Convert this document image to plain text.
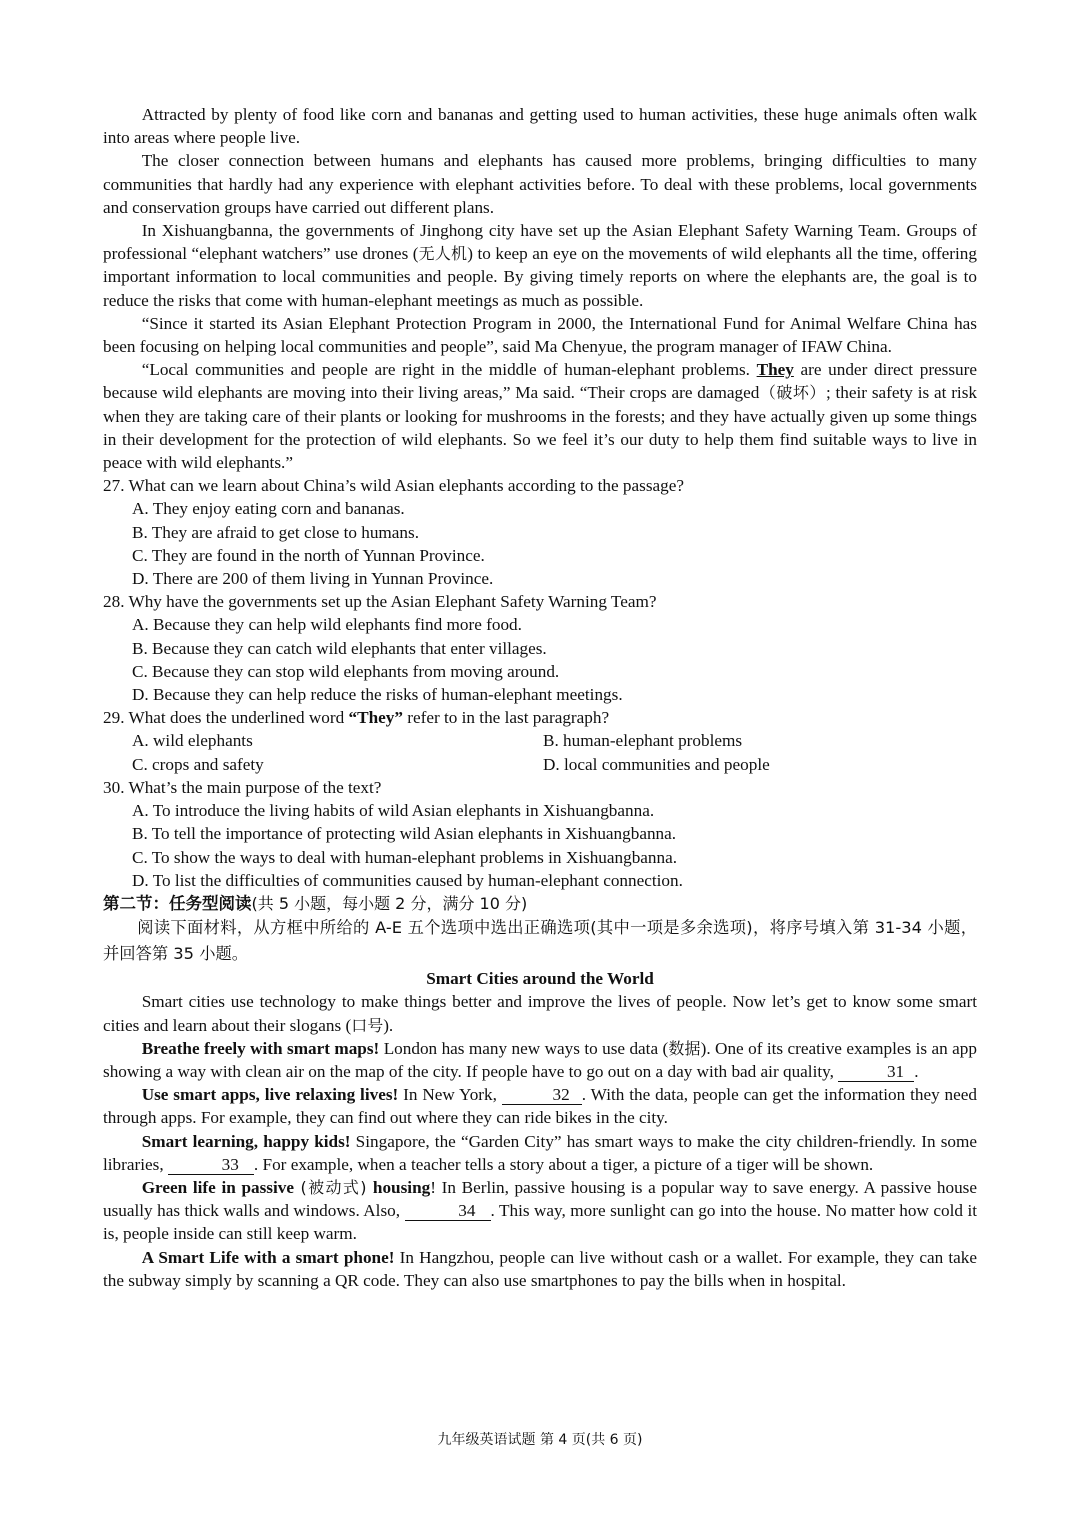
Attracted by plenty of food like corn and bananas and getting used to human activities, these huge animals often walk into areas where people live.

The closer connection between humans and elephants has caused more problems, bringing difficulties to many communities that hardly had any experience with elephant activities before. To deal with these problems, local governments and conservation groups have carried out different plans.

In Xishuangbanna, the governments of Jinghong city have set up the Asian Elephant Safety Warning Team. Groups of professional “elephant watchers” use drones (无人机) to keep an eye on the movements of wild elephants all the time, offering important information to local communities and people. By giving timely reports on where the elephants are, the goal is to reduce the risks that come with human-elephant meetings as much as possible.

“Since it started its Asian Elephant Protection Program in 2000, the International Fund for Animal Welfare China has been focusing on helping local communities and people”, said Ma Chenyue, the program manager of IFAW China.

“Local communities and people are right in the middle of human-elephant problems. They are under direct pressure because wild elephants are moving into their living areas,” Ma said. “Their crops are damaged（破坏）; their safety is at risk when they are taking care of their plants or looking for mushrooms in the forests; and they have actually given up some things in their development for the protection of wild elephants. So we feel it’s our duty to help them find suitable ways to live in peace with wild elephants.”

27. What can we learn about China’s wild Asian elephants according to the passage?

A. They enjoy eating corn and bananas.

B. They are afraid to get close to humans.

C. They are found in the north of Yunnan Province.

D. There are 200 of them living in Yunnan Province.

28. Why have the governments set up the Asian Elephant Safety Warning Team?

A. Because they can help wild elephants find more food.

B. Because they can catch wild elephants that enter villages.

C. Because they can stop wild elephants from moving around.

D. Because they can help reduce the risks of human-elephant meetings.

29. What does the underlined word “They” refer to in the last paragraph?

A. wild elephants	B. human-elephant problems
C. crops and safety	D. local communities and people

30. What’s the main purpose of the text?

A. To introduce the living habits of wild Asian elephants in Xishuangbanna.

B. To tell the importance of protecting wild Asian elephants in Xishuangbanna.

C. To show the ways to deal with human-elephant problems in Xishuangbanna.

D. To list the difficulties of communities caused by human-elephant connection.

第二节：任务型阅读(共 5 小题，每小题 2 分，满分 10 分)

阅读下面材料，从方框中所给的 A-E 五个选项中选出正确选项(其中一项是多余选项)，将序号填入第 31-34 小题，并回答第 35 小题。

Smart Cities around the World

Smart cities use technology to make things better and improve the lives of people. Now let’s get to know some smart cities and learn about their slogans (口号).

Breathe freely with smart maps! London has many new ways to use data (数据). One of its creative examples is an app showing a way with clean air on the map of the city. If people have to go out on a day with bad air quality,	31 .

Use smart apps, live relaxing lives! In New York,	32 . With the data, people can get the information they need through apps. For example, they can find out where they can ride bikes in the city.

Smart learning, happy kids! Singapore, the “Garden City” has smart ways to make the city children-friendly. In some libraries,	33 . For example, when a teacher tells a story about a tiger, a picture of a tiger will be shown.

Green life in passive (被动式) housing! In Berlin, passive housing is a popular way to save energy. A passive house usually has thick walls and windows. Also,	34 . This way, more sunlight can go into the house. No matter how cold it is, people inside can still keep warm.

A Smart Life with a smart phone! In Hangzhou, people can live without cash or a wallet. For example, they can take the subway simply by scanning a QR code. They can also use smartphones to pay the bills when in hospital.

九年级英语试题 第 4 页(共 6 页)
